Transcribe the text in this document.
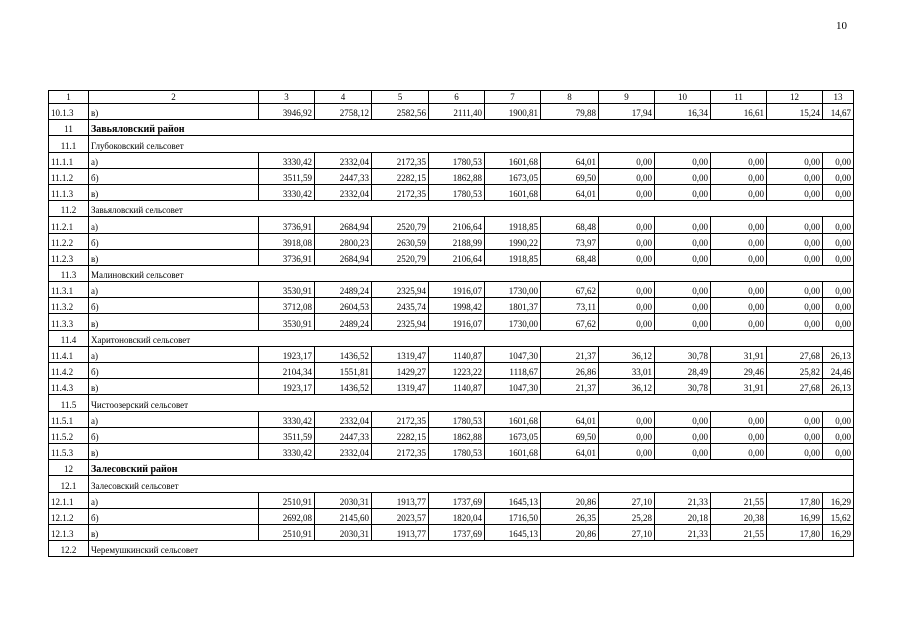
10
1	2	3	4	5	6	7	8	9	10	11	12	13
10.1.3	в)	3946,92	2758,12	2582,56	2111,40	1900,81	79,88	17,94	16,34	16,61	15,24	14,67
11	Завьяловский район											
11.1	Глубоковский сельсовет											
11.1.1	а)	3330,42	2332,04	2172,35	1780,53	1601,68	64,01	0,00	0,00	0,00	0,00	0,00
11.1.2	б)	3511,59	2447,33	2282,15	1862,88	1673,05	69,50	0,00	0,00	0,00	0,00	0,00
11.1.3	в)	3330,42	2332,04	2172,35	1780,53	1601,68	64,01	0,00	0,00	0,00	0,00	0,00
11.2	Завьяловский сельсовет											
11.2.1	а)	3736,91	2684,94	2520,79	2106,64	1918,85	68,48	0,00	0,00	0,00	0,00	0,00
11.2.2	б)	3918,08	2800,23	2630,59	2188,99	1990,22	73,97	0,00	0,00	0,00	0,00	0,00
11.2.3	в)	3736,91	2684,94	2520,79	2106,64	1918,85	68,48	0,00	0,00	0,00	0,00	0,00
11.3	Малиновский сельсовет											
11.3.1	а)	3530,91	2489,24	2325,94	1916,07	1730,00	67,62	0,00	0,00	0,00	0,00	0,00
11.3.2	б)	3712,08	2604,53	2435,74	1998,42	1801,37	73,11	0,00	0,00	0,00	0,00	0,00
11.3.3	в)	3530,91	2489,24	2325,94	1916,07	1730,00	67,62	0,00	0,00	0,00	0,00	0,00
11.4	Харитоновский сельсовет											
11.4.1	а)	1923,17	1436,52	1319,47	1140,87	1047,30	21,37	36,12	30,78	31,91	27,68	26,13
11.4.2	б)	2104,34	1551,81	1429,27	1223,22	1118,67	26,86	33,01	28,49	29,46	25,82	24,46
11.4.3	в)	1923,17	1436,52	1319,47	1140,87	1047,30	21,37	36,12	30,78	31,91	27,68	26,13
11.5	Чистоозерский сельсовет											
11.5.1	а)	3330,42	2332,04	2172,35	1780,53	1601,68	64,01	0,00	0,00	0,00	0,00	0,00
11.5.2	б)	3511,59	2447,33	2282,15	1862,88	1673,05	69,50	0,00	0,00	0,00	0,00	0,00
11.5.3	в)	3330,42	2332,04	2172,35	1780,53	1601,68	64,01	0,00	0,00	0,00	0,00	0,00
12	Залесовский район											
12.1	Залесовский сельсовет											
12.1.1	а)	2510,91	2030,31	1913,77	1737,69	1645,13	20,86	27,10	21,33	21,55	17,80	16,29
12.1.2	б)	2692,08	2145,60	2023,57	1820,04	1716,50	26,35	25,28	20,18	20,38	16,99	15,62
12.1.3	в)	2510,91	2030,31	1913,77	1737,69	1645,13	20,86	27,10	21,33	21,55	17,80	16,29
12.2	Черемушкинский сельсовет											
